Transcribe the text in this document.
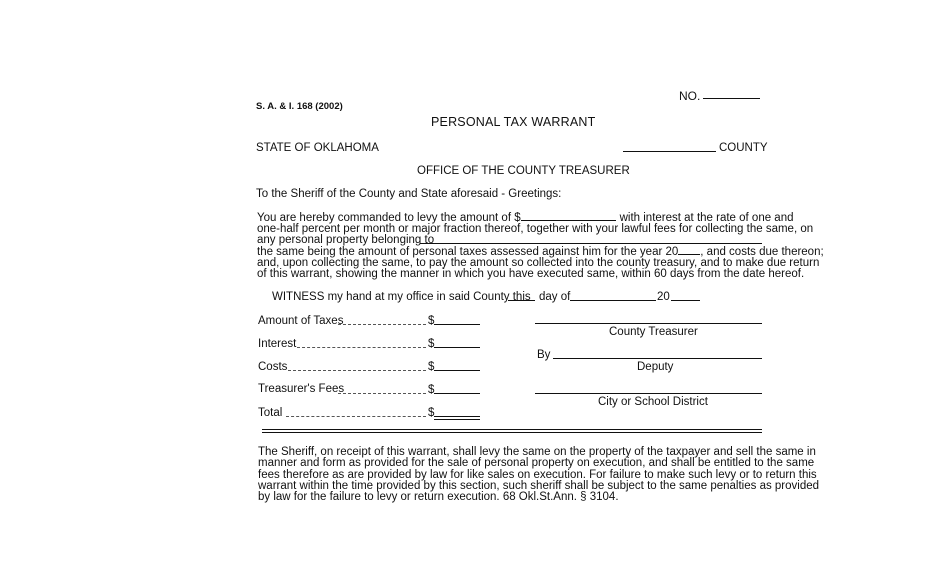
NO.
S. A. & I. 168 (2002)
PERSONAL TAX WARRANT
STATE OF OKLAHOMA	COUNTY
OFFICE OF THE COUNTY TREASURER
To the Sheriff of the County and State aforesaid - Greetings:
You are hereby commanded to levy the amount of $	with interest at the rate of one and
one-half percent per month or major fraction thereof, together with your lawful fees for collecting the same, on
any personal property belonging to
the same being the amount of personal taxes assessed against him for the year 20 , and costs due thereon;
and, upon collecting the same, to pay the amount so collected into the county treasury, and to make due return
of this warrant, showing the manner in which you have executed same, within 60 days from the date hereof.
WITNESS my hand at my office in said County this day of	20
Amount of Taxes	$
Interest	$
Costs	$
Treasurer's Fees	$
Total	$
County Treasurer
By
Deputy
City or School District
The Sheriff, on receipt of this warrant, shall levy the same on the property of the taxpayer and sell the same in
manner and form as provided for the sale of personal property on execution, and shall be entitled to the same
fees therefore as are provided by law for like sales on execution. For failure to make such levy or to return this
warrant within the time provided by this section, such sheriff shall be subject to the same penalties as provided
by law for the failure to levy or return execution. 68 Okl.St.Ann. § 3104.
